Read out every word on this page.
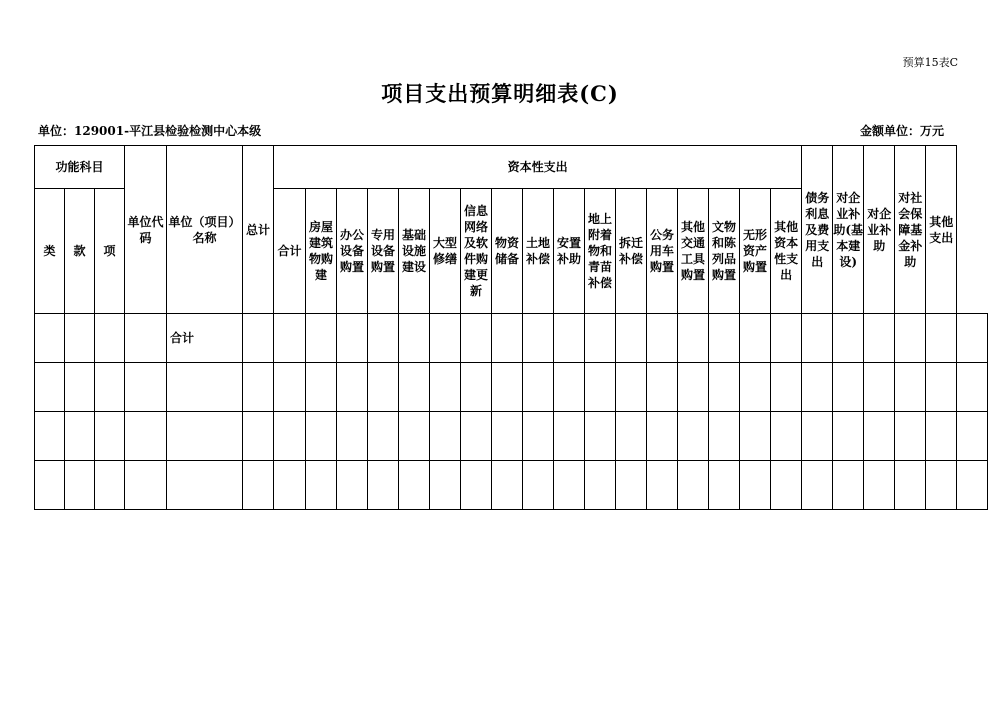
预算15表C
项目支出预算明细表(C)
单位：129001-平江县检验检测中心本级	金额单位：万元
功能科目			单位代码	单位（项目）名称	总计	资本性支出																	债务利息及费用支出	对企业补助(基本建设)	对企业补助	对社会保障基金补助	其他支出	
类	款	项				合计	房屋建筑物购建	办公设备购置	专用设备购置	基础设施建设	大型修缮	信息网络及软件购建更新	物资储备	土地补偿	安置补助	地上附着物和青苗补偿	拆迁补偿	公务用车购置	其他交通工具购置	文物和陈列品购置	无形资产购置	其他资本性支出						
				合计																								
